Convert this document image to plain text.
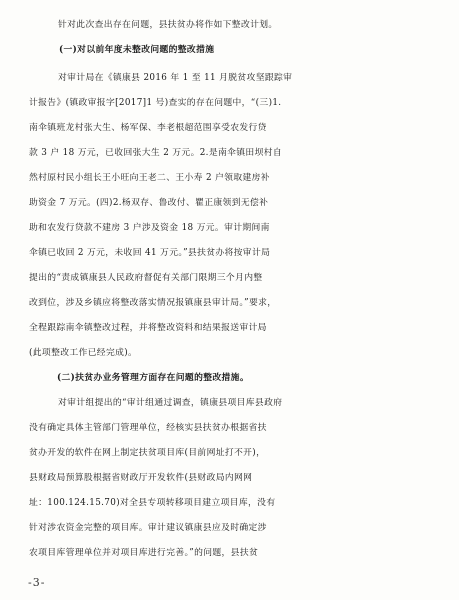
针对此次查出存在问题，县扶贫办将作如下整改计划。
(一)对以前年度未整改问题的整改措施
对审计局在《镇康县 2016 年 1 至 11 月脱贫攻坚跟踪审
计报告》(镇政审报字[2017]1 号)查实的存在问题中，“(三)1.
南伞镇班龙村张大生、杨军保、李老根超范围享受农发行贷
款 3 户 18 万元，已收回张大生 2 万元。2.是南伞镇田坝村自
然村原村民小组长王小旺向王老二、王小寿 2 户领取建房补
助资金 7 万元。(四)2.杨双存、鲁改付、瞿正康领到无偿补
助和农发行贷款不建房 3 户涉及资金 18 万元。审计期间南
伞镇已收回 2 万元，未收回 41 万元。”县扶贫办将按审计局
提出的“责成镇康县人民政府督促有关部门限期三个月内整
改到位，涉及乡镇应将整改落实情况报镇康县审计局。”要求，
全程跟踪南伞镇整改过程，并将整改资料和结果报送审计局
(此项整改工作已经完成)。
(二)扶贫办业务管理方面存在问题的整改措施。
对审计组提出的“审计组通过调查，镇康县项目库县政府
没有确定具体主管部门管理单位，经核实县扶贫办根据省扶
贫办开发的软件在网上制定扶贫项目库(目前网址打不开)，
县财政局预算股根据省财政厅开发软件(县财政局内网网
址：100.124.15.70)对全县专项转移项目建立项目库，没有
针对涉农资金完整的项目库。审计建议镇康县应及时确定涉
农项目库管理单位并对项目库进行完善。”的问题，县扶贫
-3-
